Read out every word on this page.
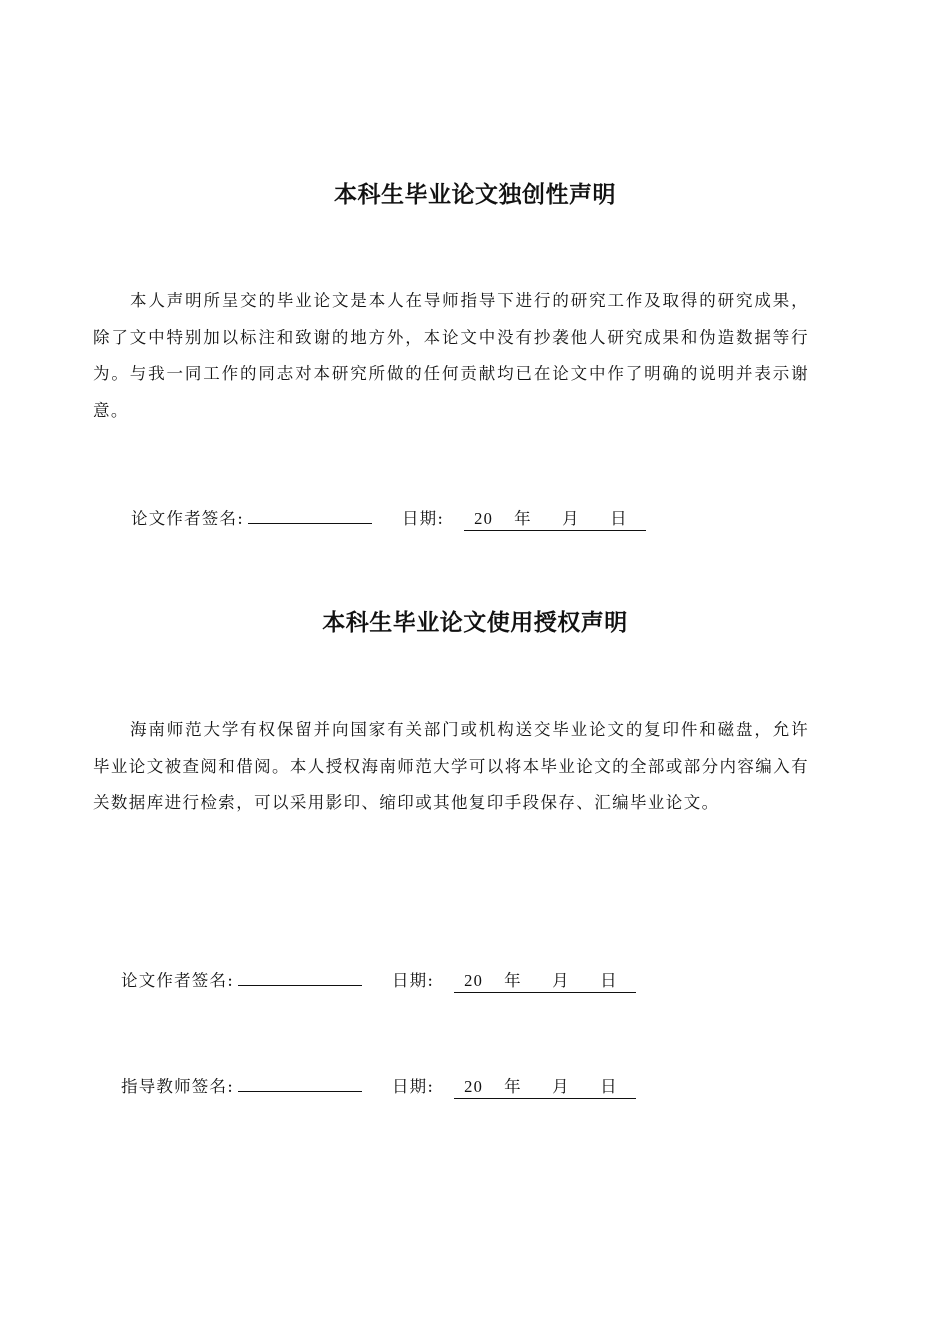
本科生毕业论文独创性声明

本人声明所呈交的毕业论文是本人在导师指导下进行的研究工作及取得的研究成果，除了文中特别加以标注和致谢的地方外，本论文中没有抄袭他人研究成果和伪造数据等行为。与我一同工作的同志对本研究所做的任何贡献均已在论文中作了明确的说明并表示谢意。

论文作者签名:	日期: 20 年 月 日
本科生毕业论文使用授权声明

海南师范大学有权保留并向国家有关部门或机构送交毕业论文的复印件和磁盘，允许毕业论文被查阅和借阅。本人授权海南师范大学可以将本毕业论文的全部或部分内容编入有关数据库进行检索，可以采用影印、缩印或其他复印手段保存、汇编毕业论文。

论文作者签名:	日期: 20 年 月 日
指导教师签名:	日期: 20 年 月 日
